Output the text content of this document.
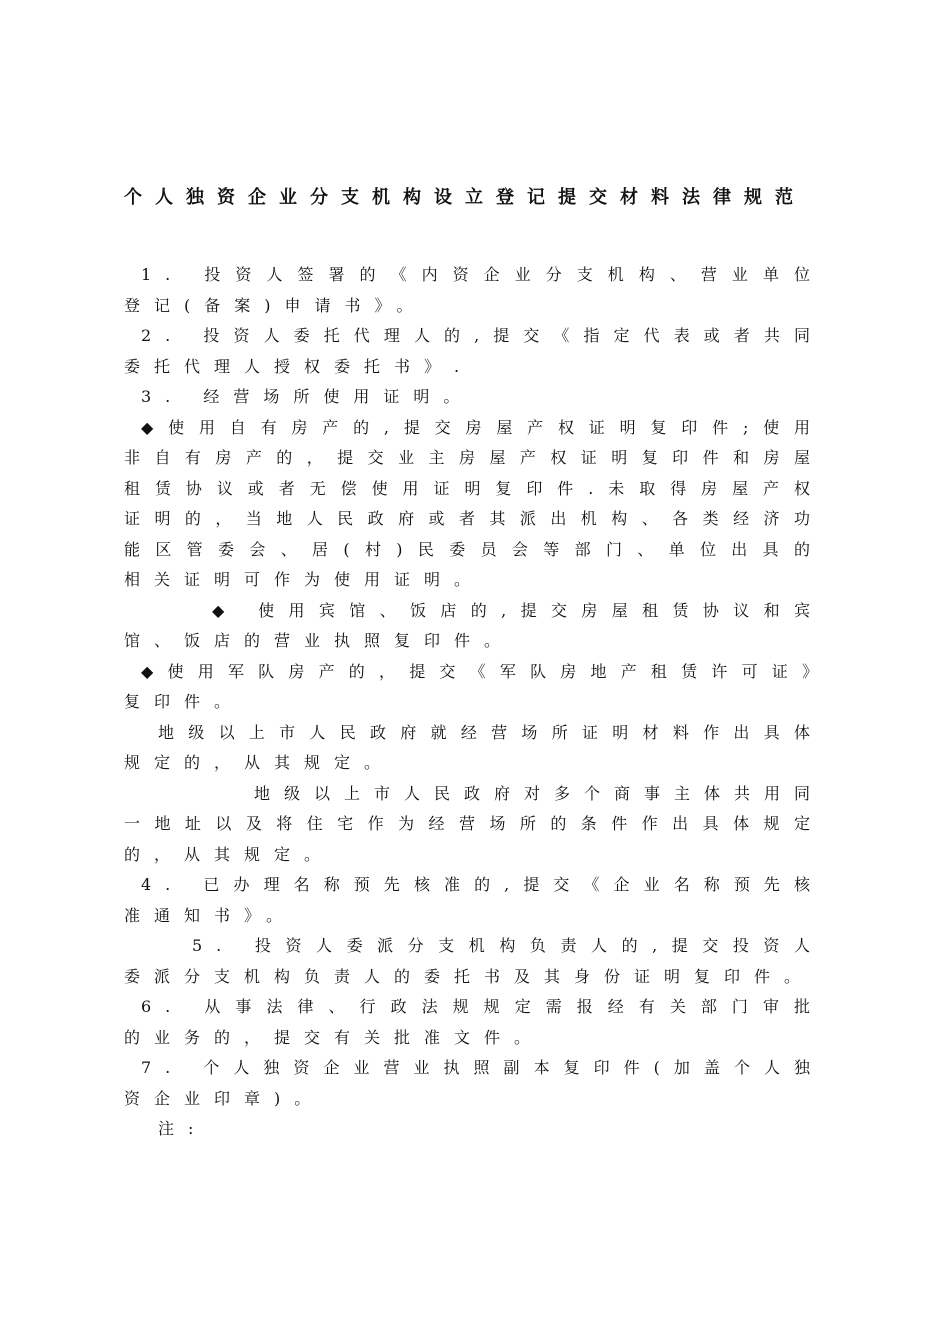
个人独资企业分支机构设立登记提交材料法律规范

1. 投资人签署的《内资企业分支机构、营业单位登记(备案)申请书》。

2. 投资人委托代理人的,提交《指定代表或者共同委托代理人授权委托书》.

3. 经营场所使用证明。

◆使用自有房产的,提交房屋产权证明复印件;使用非自有房产的，提交业主房屋产权证明复印件和房屋租赁协议或者无偿使用证明复印件.未取得房屋产权证明的，当地人民政府或者其派出机构、各类经济功能区管委会、居(村)民委员会等部门、单位出具的相关证明可作为使用证明。

◆ 使用宾馆、饭店的,提交房屋租赁协议和宾馆、饭店的营业执照复印件。

◆使用军队房产的，提交《军队房地产租赁许可证》复印件。

地级以上市人民政府就经营场所证明材料作出具体规定的，从其规定。

地级以上市人民政府对多个商事主体共用同一地址以及将住宅作为经营场所的条件作出具体规定的，从其规定。

4. 已办理名称预先核准的,提交《企业名称预先核准通知书》。

5. 投资人委派分支机构负责人的,提交投资人委派分支机构负责人的委托书及其身份证明复印件。

6. 从事法律、行政法规规定需报经有关部门审批的业务的，提交有关批准文件。

7. 个人独资企业营业执照副本复印件(加盖个人独资企业印章)。

注:
